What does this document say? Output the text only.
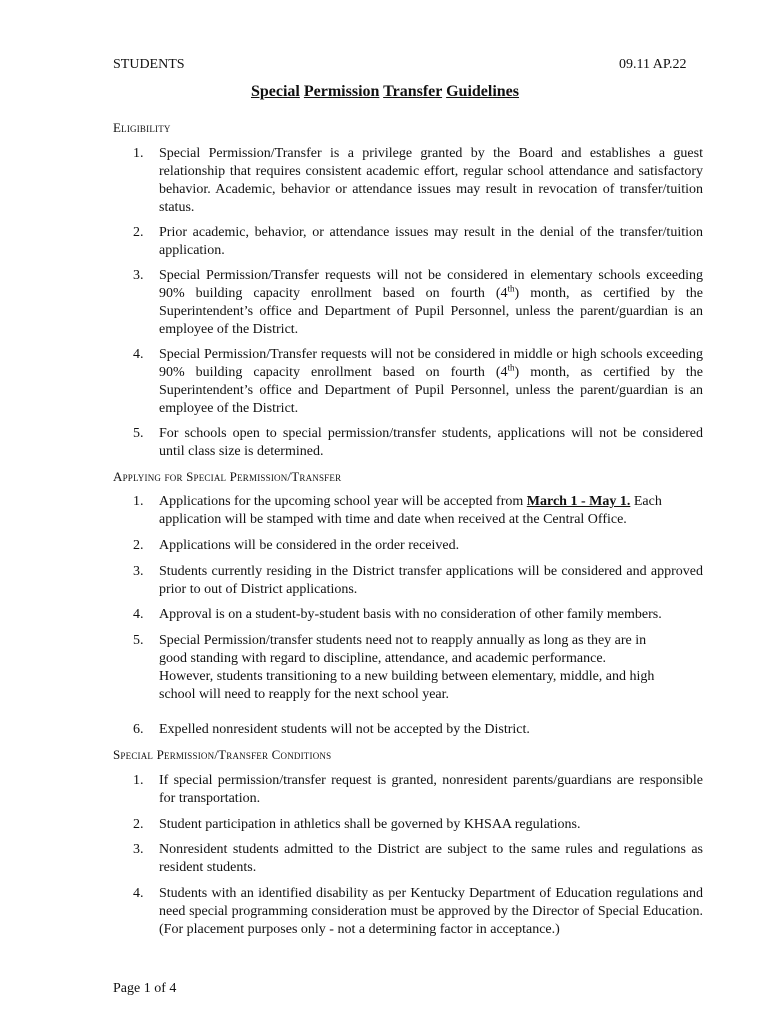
STUDENTS	09.11 AP.22
Special Permission Transfer Guidelines
Eligibility
1.	Special Permission/Transfer is a privilege granted by the Board and establishes a guest relationship that requires consistent academic effort, regular school attendance and satisfactory behavior. Academic, behavior or attendance issues may result in revocation of transfer/tuition status.
2.	Prior academic, behavior, or attendance issues may result in the denial of the transfer/tuition application.
3.	Special Permission/Transfer requests will not be considered in elementary schools exceeding 90% building capacity enrollment based on fourth (4th) month, as certified by the Superintendent’s office and Department of Pupil Personnel, unless the parent/guardian is an employee of the District.
4.	Special Permission/Transfer requests will not be considered in middle or high schools exceeding 90% building capacity enrollment based on fourth (4th) month, as certified by the Superintendent’s office and Department of Pupil Personnel, unless the parent/guardian is an employee of the District.
5.	For schools open to special permission/transfer students, applications will not be considered until class size is determined.
Applying for Special Permission/Transfer
1.	Applications for the upcoming school year will be accepted from March 1 - May 1. Each application will be stamped with time and date when received at the Central Office.
2.	Applications will be considered in the order received.
3.	Students currently residing in the District transfer applications will be considered and approved prior to out of District applications.
4.	Approval is on a student-by-student basis with no consideration of other family members.
5.	Special Permission/transfer students need not to reapply annually as long as they are in
good standing with regard to discipline, attendance, and academic performance.
However, students transitioning to a new building between elementary, middle, and high
school will need to reapply for the next school year.
6.	Expelled nonresident students will not be accepted by the District.
Special Permission/Transfer Conditions
1.	If special permission/transfer request is granted, nonresident parents/guardians are responsible for transportation.
2.	Student participation in athletics shall be governed by KHSAA regulations.
3.	Nonresident students admitted to the District are subject to the same rules and regulations as resident students.
4.	Students with an identified disability as per Kentucky Department of Education regulations and need special programming consideration must be approved by the Director of Special Education. (For placement purposes only - not a determining factor in acceptance.)
Page 1 of 4
